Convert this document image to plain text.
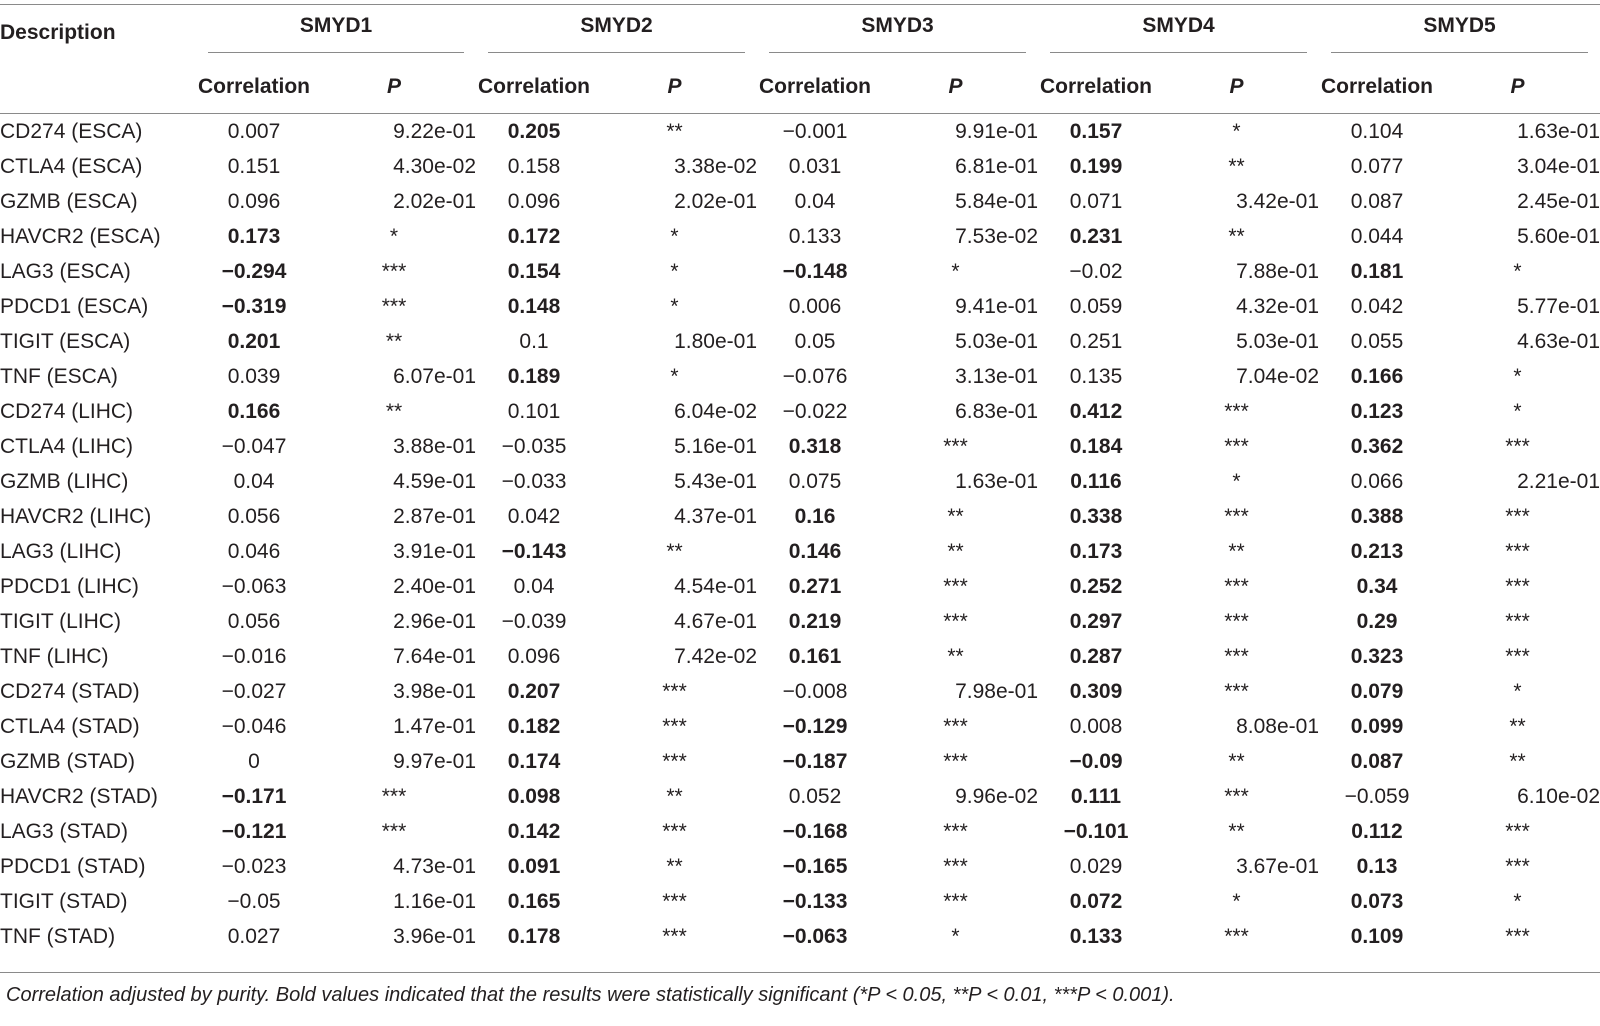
Description	SMYD1		SMYD2		SMYD3		SMYD4		SMYD5	

	Correlation	P	Correlation	P	Correlation	P	Correlation	P	Correlation	P

CD274 (ESCA)	0.007	9.22e-01	0.205	**	−0.001	9.91e-01	0.157	*	0.104	1.63e-01
CTLA4 (ESCA)	0.151	4.30e-02	0.158	3.38e-02	0.031	6.81e-01	0.199	**	0.077	3.04e-01
GZMB (ESCA)	0.096	2.02e-01	0.096	2.02e-01	0.04	5.84e-01	0.071	3.42e-01	0.087	2.45e-01
HAVCR2 (ESCA)	0.173	*	0.172	*	0.133	7.53e-02	0.231	**	0.044	5.60e-01
LAG3 (ESCA)	−0.294	***	0.154	*	−0.148	*	−0.02	7.88e-01	0.181	*
PDCD1 (ESCA)	−0.319	***	0.148	*	0.006	9.41e-01	0.059	4.32e-01	0.042	5.77e-01
TIGIT (ESCA)	0.201	**	0.1	1.80e-01	0.05	5.03e-01	0.251	5.03e-01	0.055	4.63e-01
TNF (ESCA)	0.039	6.07e-01	0.189	*	−0.076	3.13e-01	0.135	7.04e-02	0.166	*
CD274 (LIHC)	0.166	**	0.101	6.04e-02	−0.022	6.83e-01	0.412	***	0.123	*
CTLA4 (LIHC)	−0.047	3.88e-01	−0.035	5.16e-01	0.318	***	0.184	***	0.362	***
GZMB (LIHC)	0.04	4.59e-01	−0.033	5.43e-01	0.075	1.63e-01	0.116	*	0.066	2.21e-01
HAVCR2 (LIHC)	0.056	2.87e-01	0.042	4.37e-01	0.16	**	0.338	***	0.388	***
LAG3 (LIHC)	0.046	3.91e-01	−0.143	**	0.146	**	0.173	**	0.213	***
PDCD1 (LIHC)	−0.063	2.40e-01	0.04	4.54e-01	0.271	***	0.252	***	0.34	***
TIGIT (LIHC)	0.056	2.96e-01	−0.039	4.67e-01	0.219	***	0.297	***	0.29	***
TNF (LIHC)	−0.016	7.64e-01	0.096	7.42e-02	0.161	**	0.287	***	0.323	***
CD274 (STAD)	−0.027	3.98e-01	0.207	***	−0.008	7.98e-01	0.309	***	0.079	*
CTLA4 (STAD)	−0.046	1.47e-01	0.182	***	−0.129	***	0.008	8.08e-01	0.099	**
GZMB (STAD)	0	9.97e-01	0.174	***	−0.187	***	−0.09	**	0.087	**
HAVCR2 (STAD)	−0.171	***	0.098	**	0.052	9.96e-02	0.111	***	−0.059	6.10e-02
LAG3 (STAD)	−0.121	***	0.142	***	−0.168	***	−0.101	**	0.112	***
PDCD1 (STAD)	−0.023	4.73e-01	0.091	**	−0.165	***	0.029	3.67e-01	0.13	***
TIGIT (STAD)	−0.05	1.16e-01	0.165	***	−0.133	***	0.072	*	0.073	*
TNF (STAD)	0.027	3.96e-01	0.178	***	−0.063	*	0.133	***	0.109	***
Correlation adjusted by purity. Bold values indicated that the results were statistically significant (*P < 0.05, **P < 0.01, ***P < 0.001).
